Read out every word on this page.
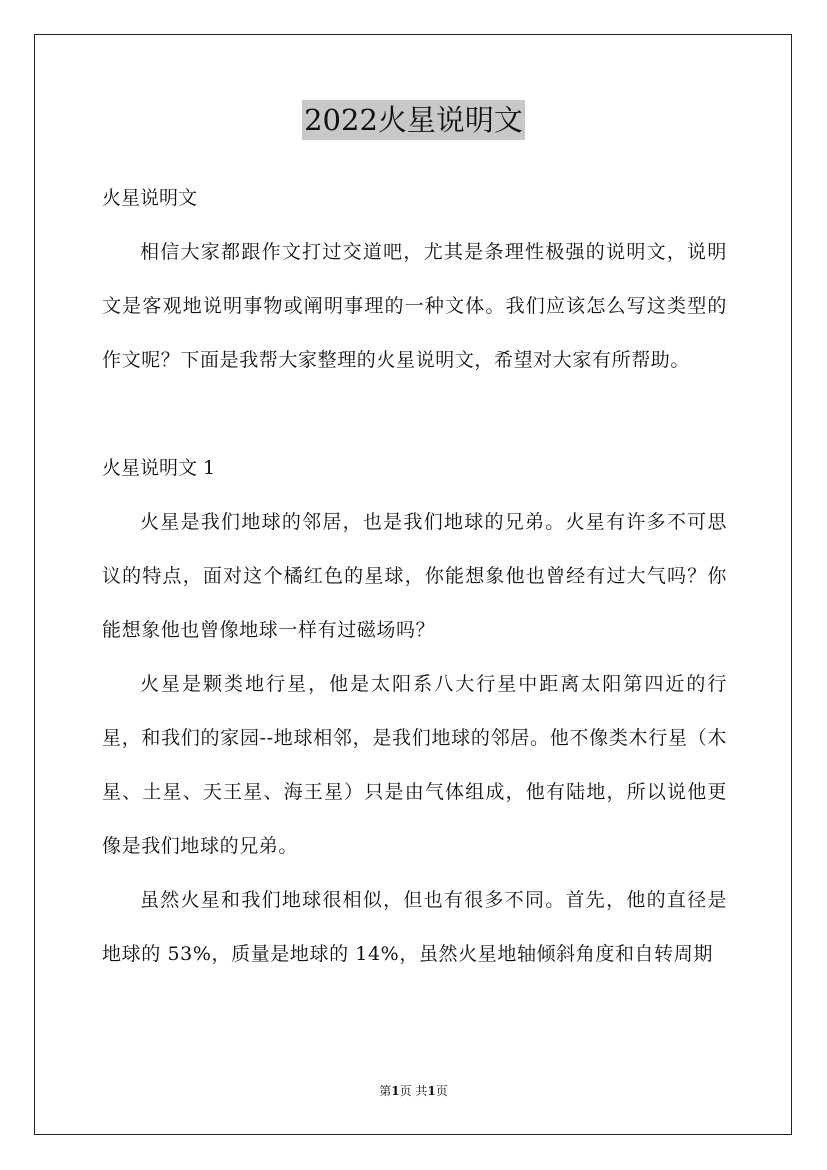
2022火星说明文

火星说明文

相信大家都跟作文打过交道吧，尤其是条理性极强的说明文，说明文是客观地说明事物或阐明事理的一种文体。我们应该怎么写这类型的作文呢？下面是我帮大家整理的火星说明文，希望对大家有所帮助。

火星说明文 1

火星是我们地球的邻居，也是我们地球的兄弟。火星有许多不可思议的特点，面对这个橘红色的星球，你能想象他也曾经有过大气吗？你能想象他也曾像地球一样有过磁场吗？

火星是颗类地行星，他是太阳系八大行星中距离太阳第四近的行星，和我们的家园--地球相邻，是我们地球的邻居。他不像类木行星（木星、土星、天王星、海王星）只是由气体组成，他有陆地，所以说他更像是我们地球的兄弟。

虽然火星和我们地球很相似，但也有很多不同。首先，他的直径是地球的 53%，质量是地球的 14%，虽然火星地轴倾斜角度和自转周期

第1页 共1页
